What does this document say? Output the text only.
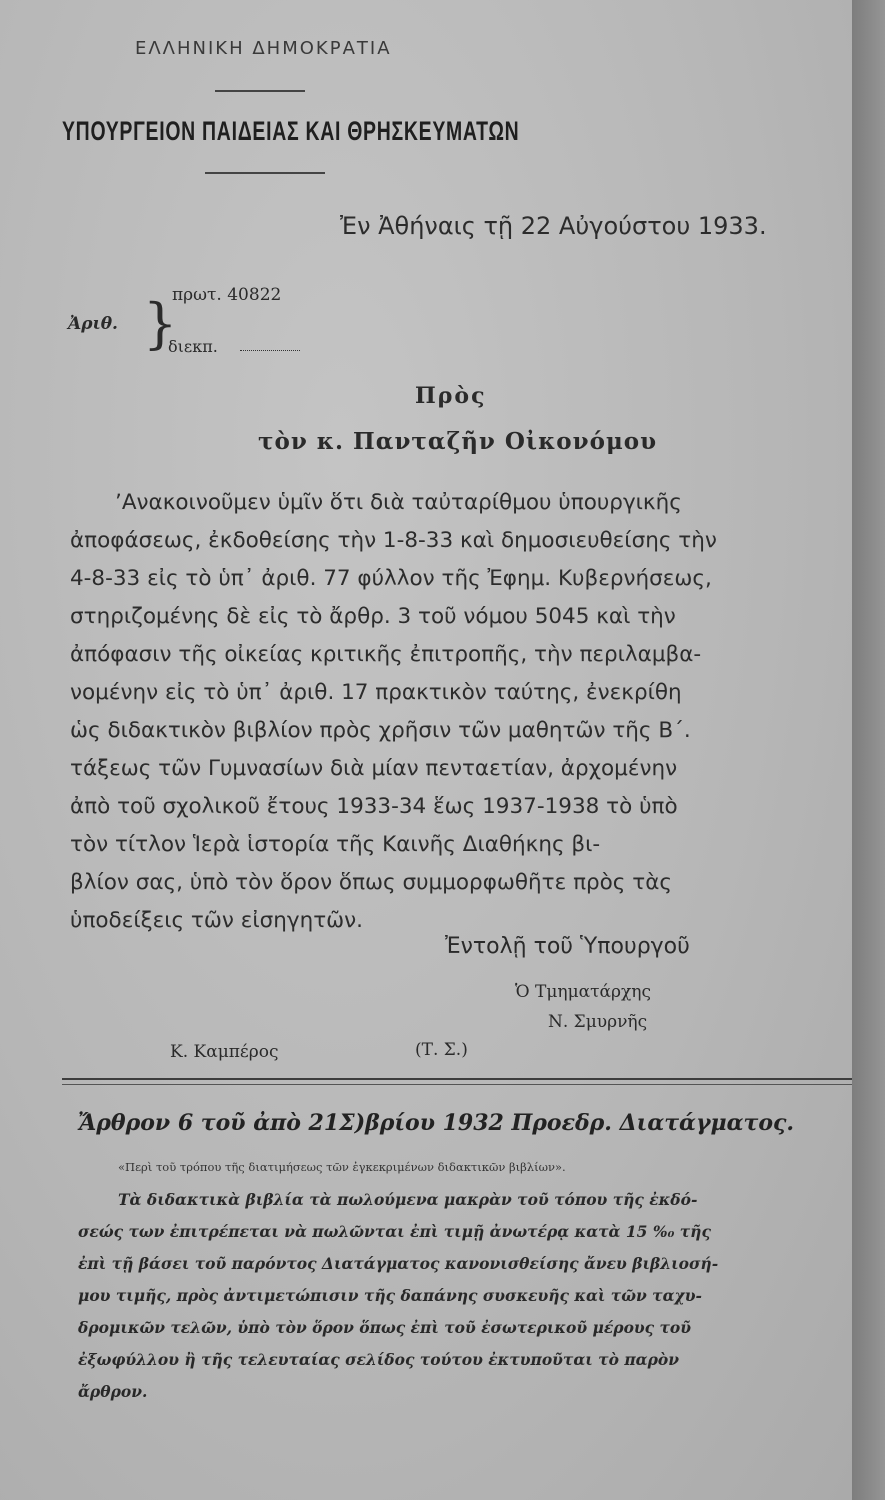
ΕΛΛΗΝΙΚΗ ΔΗΜΟΚΡΑΤΙΑ
ΥΠΟΥΡΓΕΙΟΝ ΠΑΙΔΕΙΑΣ ΚΑΙ ΘΡΗΣΚΕΥΜΑΤΩΝ
Ἐν Ἀθήναις τῇ 22 Αὐγούστου 1933.
Ἀριθ. }
πρωτ. 40822
διεκπ.
Πρὸς
τὸν κ. Πανταζῆν Οἰκονόμου
ʼΑνακοινοῦμεν ὑμῖν ὅτι διὰ ταὐταρίθμου ὑπουργικῆς
ἀποφάσεως, ἐκδοθείσης τὴν 1-8-33 καὶ δημοσιευθείσης τὴν
4-8-33 εἰς τὸ ὑπ᾽ ἀριθ. 77 φύλλον τῆς Ἐφημ. Κυβερνήσεως,
στηριζομένης δὲ εἰς τὸ ἄρθρ. 3 τοῦ νόμου 5045 καὶ τὴν
ἀπόφασιν τῆς οἰκείας κριτικῆς ἐπιτροπῆς, τὴν περιλαμβα-
νομένην εἰς τὸ ὑπ᾽ ἀριθ. 17 πρακτικὸν ταύτης, ἐνεκρίθη
ὡς διδακτικὸν βιβλίον πρὸς χρῆσιν τῶν μαθητῶν τῆς Β΄.
τάξεως τῶν Γυμνασίων διὰ μίαν πενταετίαν, ἀρχομένην
ἀπὸ τοῦ σχολικοῦ ἔτους 1933-34 ἕως 1937-1938 τὸ ὑπὸ
τὸν τίτλον Ἱερὰ ἱστορία τῆς Καινῆς Διαθήκης βι-
βλίον σας, ὑπὸ τὸν ὅρον ὅπως συμμορφωθῆτε πρὸς τὰς
ὑποδείξεις τῶν εἰσηγητῶν.
Ἐντολῇ τοῦ Ὑπουργοῦ
Ὁ Τμηματάρχης
Ν. Σμυρνῆς
Κ. Καμπέρος	(Τ. Σ.)
Ἄρθρον 6 τοῦ ἀπὸ 21Σ)βρίου 1932 Προεδρ. Διατάγματος.
«Περὶ τοῦ τρόπου τῆς διατιμήσεως τῶν ἐγκεκριμένων διδακτικῶν βιβλίων».
Τὰ διδακτικὰ βιβλία τὰ πωλούμενα μακρὰν τοῦ τόπου τῆς ἐκδό-
σεώς των ἐπιτρέπεται νὰ πωλῶνται ἐπὶ τιμῇ ἀνωτέρᾳ κατὰ 15 %₀ τῆς
ἐπὶ τῇ βάσει τοῦ παρόντος Διατάγματος κανονισθείσης ἄνευ βιβλιοσή-
μου τιμῆς, πρὸς ἀντιμετώπισιν τῆς δαπάνης συσκευῆς καὶ τῶν ταχυ-
δρομικῶν τελῶν, ὑπὸ τὸν ὅρον ὅπως ἐπὶ τοῦ ἐσωτερικοῦ μέρους τοῦ
ἐξωφύλλου ἢ τῆς τελευταίας σελίδος τούτου ἐκτυποῦται τὸ παρὸν
ἄρθρον.
